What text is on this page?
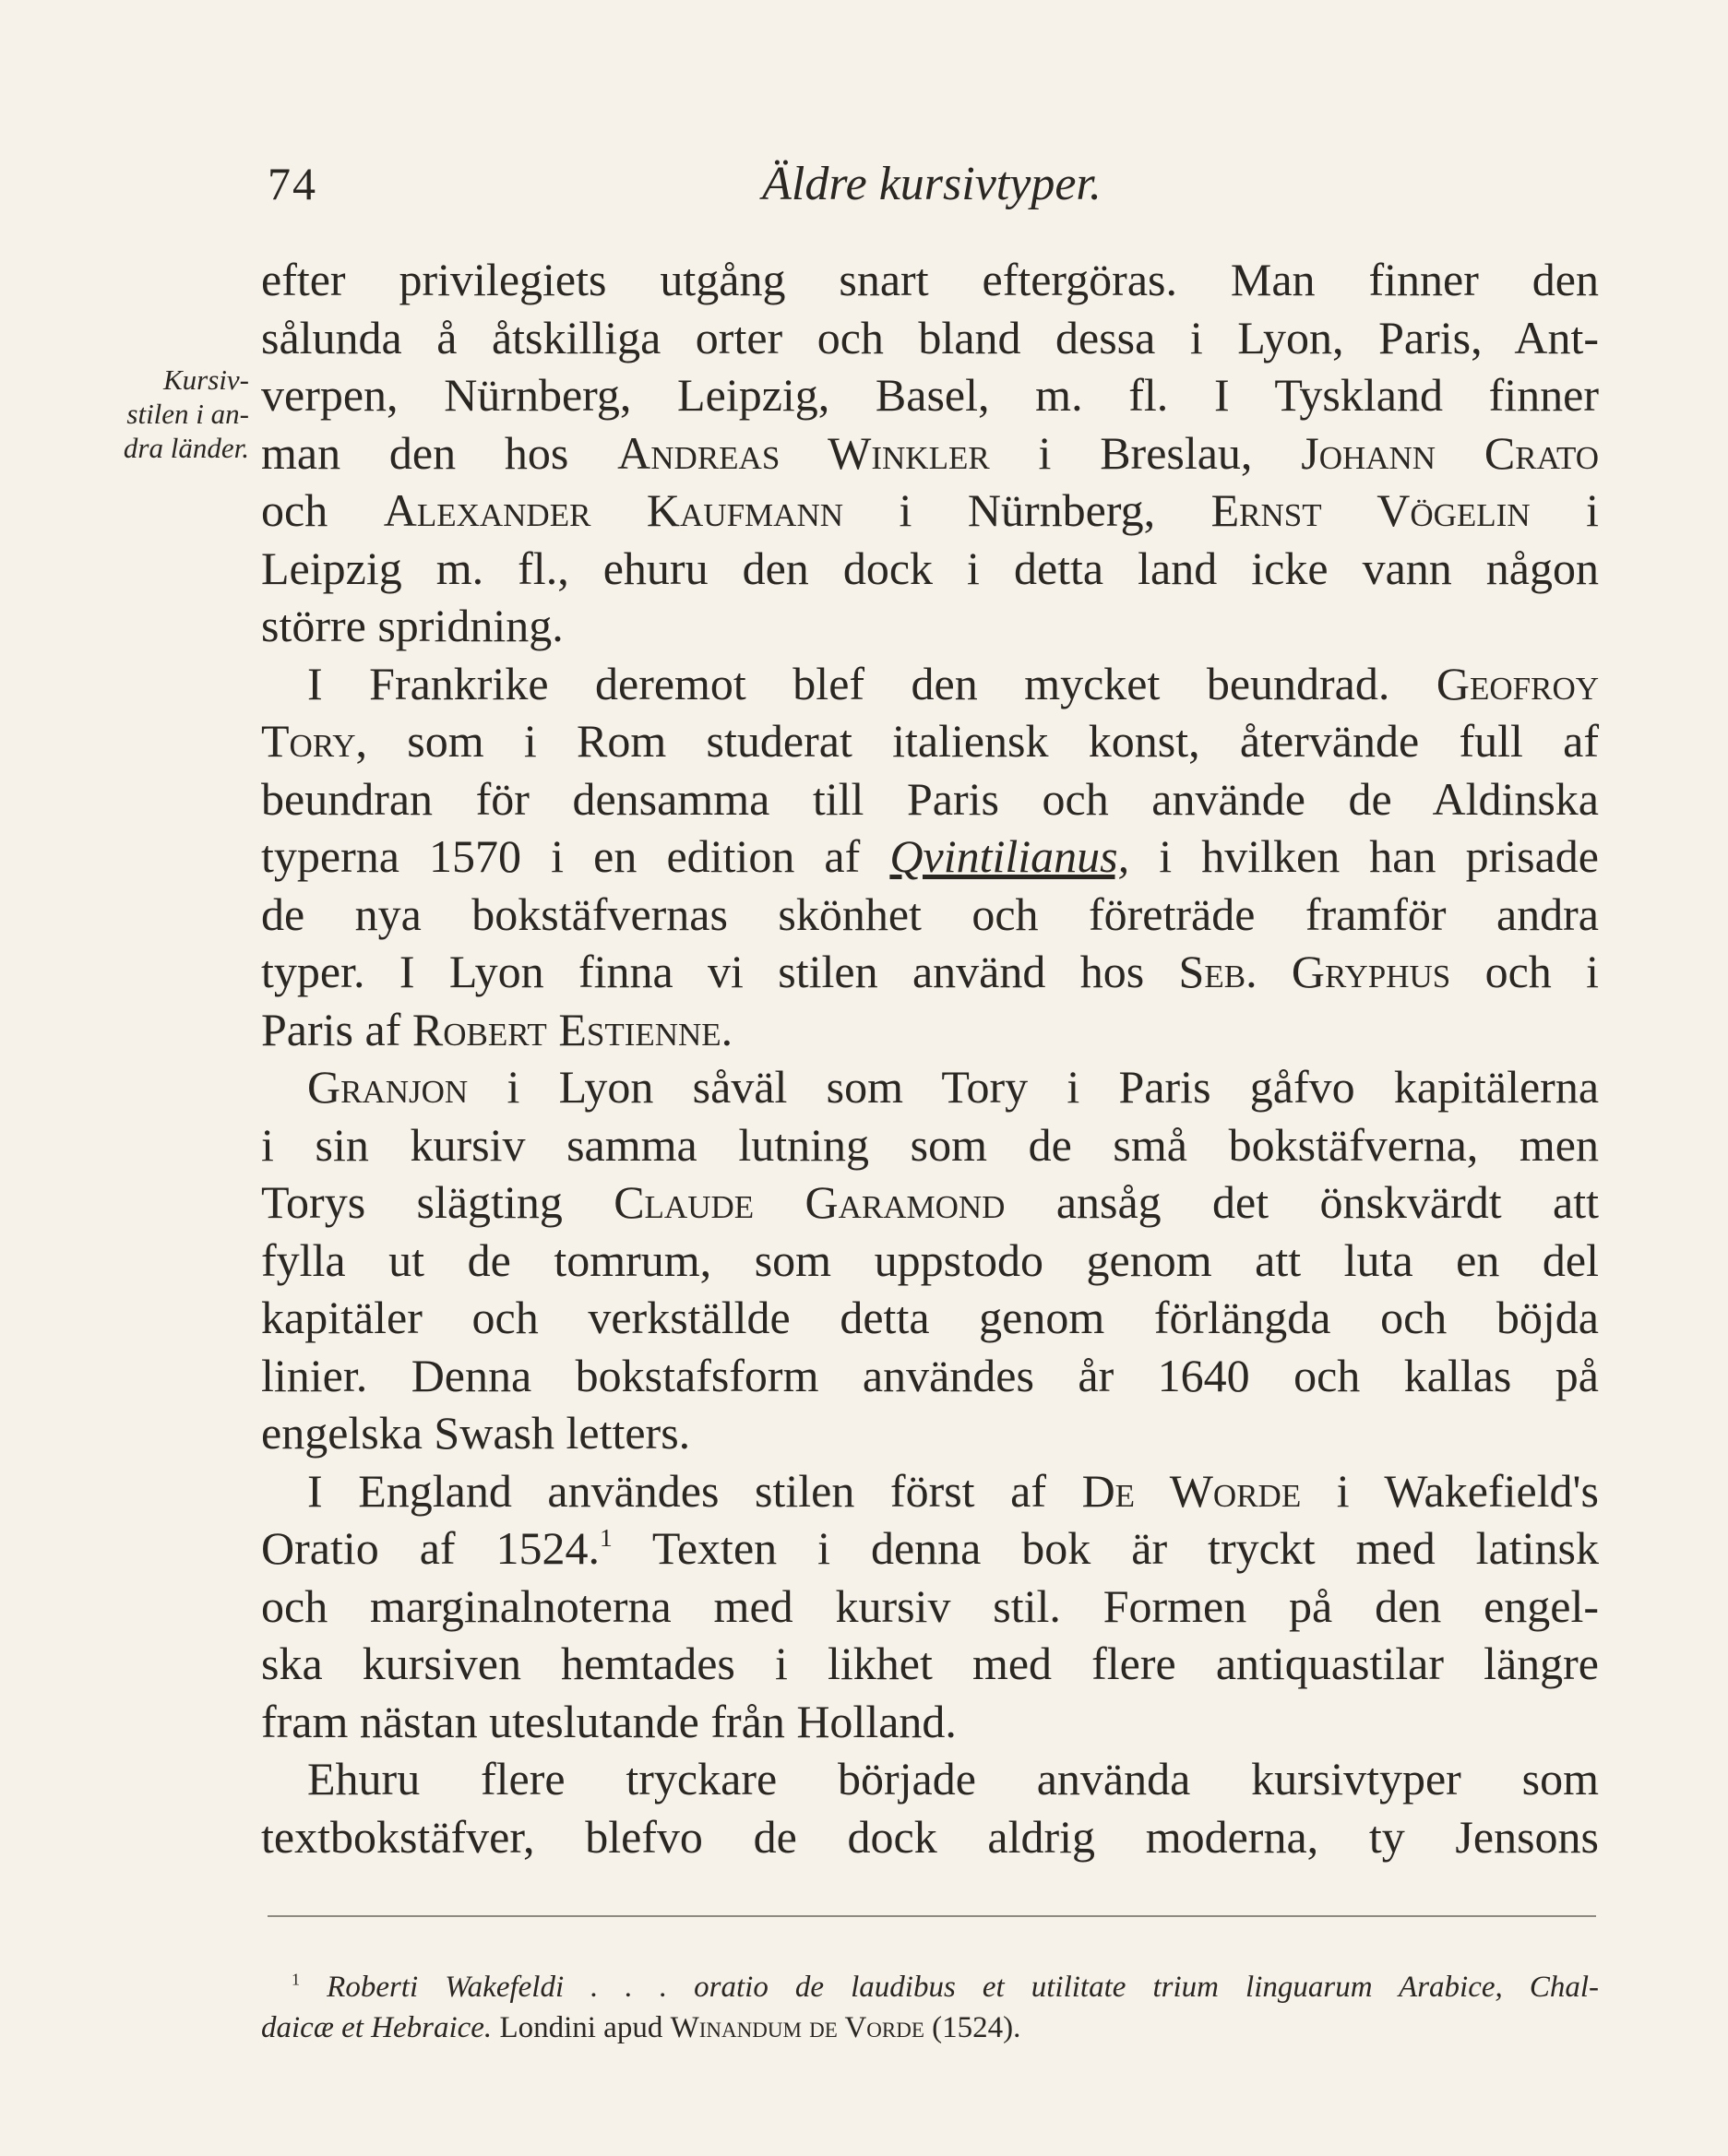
74	Äldre kursivtyper.
Kursiv-
stilen i an-
dra länder.
efter privilegiets utgång snart eftergöras. Man finner den
sålunda å åtskilliga orter och bland dessa i Lyon, Paris, Ant-
verpen, Nürnberg, Leipzig, Basel, m. fl. I Tyskland finner
man den hos Andreas Winkler i Breslau, Johann Crato
och Alexander Kaufmann i Nürnberg, Ernst Vögelin i
Leipzig m. fl., ehuru den dock i detta land icke vann någon
större spridning.
 I Frankrike deremot blef den mycket beundrad. Geofroy
Tory, som i Rom studerat italiensk konst, återvände full af
beundran för densamma till Paris och använde de Aldinska
typerna 1570 i en edition af Qvintilianus, i hvilken han prisade
de nya bokstäfvernas skönhet och företräde framför andra
typer. I Lyon finna vi stilen använd hos Seb. Gryphus och i
Paris af Robert Estienne.
 Granjon i Lyon såväl som Tory i Paris gåfvo kapitälerna
i sin kursiv samma lutning som de små bokstäfverna, men
Torys slägting Claude Garamond ansåg det önskvärdt att
fylla ut de tomrum, som uppstodo genom att luta en del
kapitäler och verkställde detta genom förlängda och böjda
linier. Denna bokstafsform användes år 1640 och kallas på
engelska Swash letters.
 I England användes stilen först af De Worde i Wakefield's
Oratio af 1524.$^1$ Texten i denna bok är tryckt med latinsk
och marginalnoterna med kursiv stil. Formen på den engel-
ska kursiven hemtades i likhet med flere antiquastilar längre
fram nästan uteslutande från Holland.
 Ehuru flere tryckare började använda kursivtyper som
textbokstäfver, blefvo de dock aldrig moderna, ty Jensons
 $^1$ Roberti Wakefeldi . . . oratio de laudibus et utilitate trium linguarum Arabice, Chal-
daicæ et Hebraice. Londini apud Winandum de Vorde (1524).
